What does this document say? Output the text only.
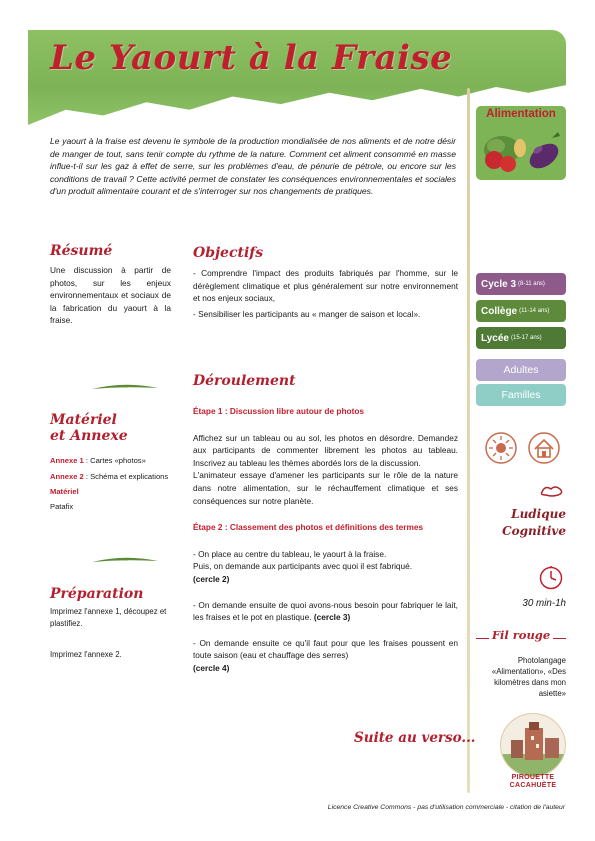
Le Yaourt à la Fraise

Le yaourt à la fraise est devenu le symbole de la production mondialisée de nos aliments et de notre désir de manger de tout, sans tenir compte du rythme de la nature. Comment cet aliment consommé en masse influe-t-il sur les gaz à effet de serre, sur les problèmes d'eau, de pénurie de pétrole, ou encore sur les conditions de travail ? Cette activité permet de constater les conséquences environnementales et sociales d'un produit alimentaire courant et de s'interroger sur nos changements de pratiques.

Alimentation
Résumé

Une discussion à partir de photos, sur les enjeux environnementaux et sociaux de la fabrication du yaourt à la fraise.

Matériel
et Annexe
Annexe 1 : Cartes «photos»
Annexe 2 : Schéma et explications
Matériel
Patafix
Préparation

Imprimez l'annexe 1, découpez et plastifiez.

Imprimez l'annexe 2.

Objectifs

- Comprendre l'impact des produits fabriqués par l'homme, sur le dérèglement climatique et plus généralement sur notre environnement et nos enjeux sociaux,

- Sensibiliser les participants au « manger de saison et local».

Déroulement

Étape 1 : Discussion libre autour de photos

Affichez sur un tableau ou au sol, les photos en désordre. Demandez aux participants de commenter librement les photos au tableau. Inscrivez au tableau les thèmes abordés lors de la discussion.

L'animateur essaye d'amener les participants sur le rôle de la nature dans notre alimentation, sur le réchauffement climatique et ses conséquences sur notre planète.

Étape 2 : Classement des photos et définitions des termes

- On place au centre du tableau, le yaourt à la fraise.

Puis, on demande aux participants avec quoi il est fabriqué.
(cercle 2)

- On demande ensuite de quoi avons-nous besoin pour fabriquer le lait, les fraises et le pot en plastique. (cercle 3)

- On demande ensuite ce qu'il faut pour que les fraises poussent en toute saison (eau et chauffage des serres)
(cercle 4)

Suite au verso...
Cycle 3 (8-11 ans)
Collège (11-14 ans)
Lycée (15-17 ans)
Adultes
Familles
Ludique
Cognitive
30 min-1h
Fil rouge

Photolangage «Alimentation», «Des kilomètres dans mon asiette»

PIROUETTE
CACAHUÈTE
Licence Creative Commons - pas d'utilisation commerciale - citation de l'auteur
